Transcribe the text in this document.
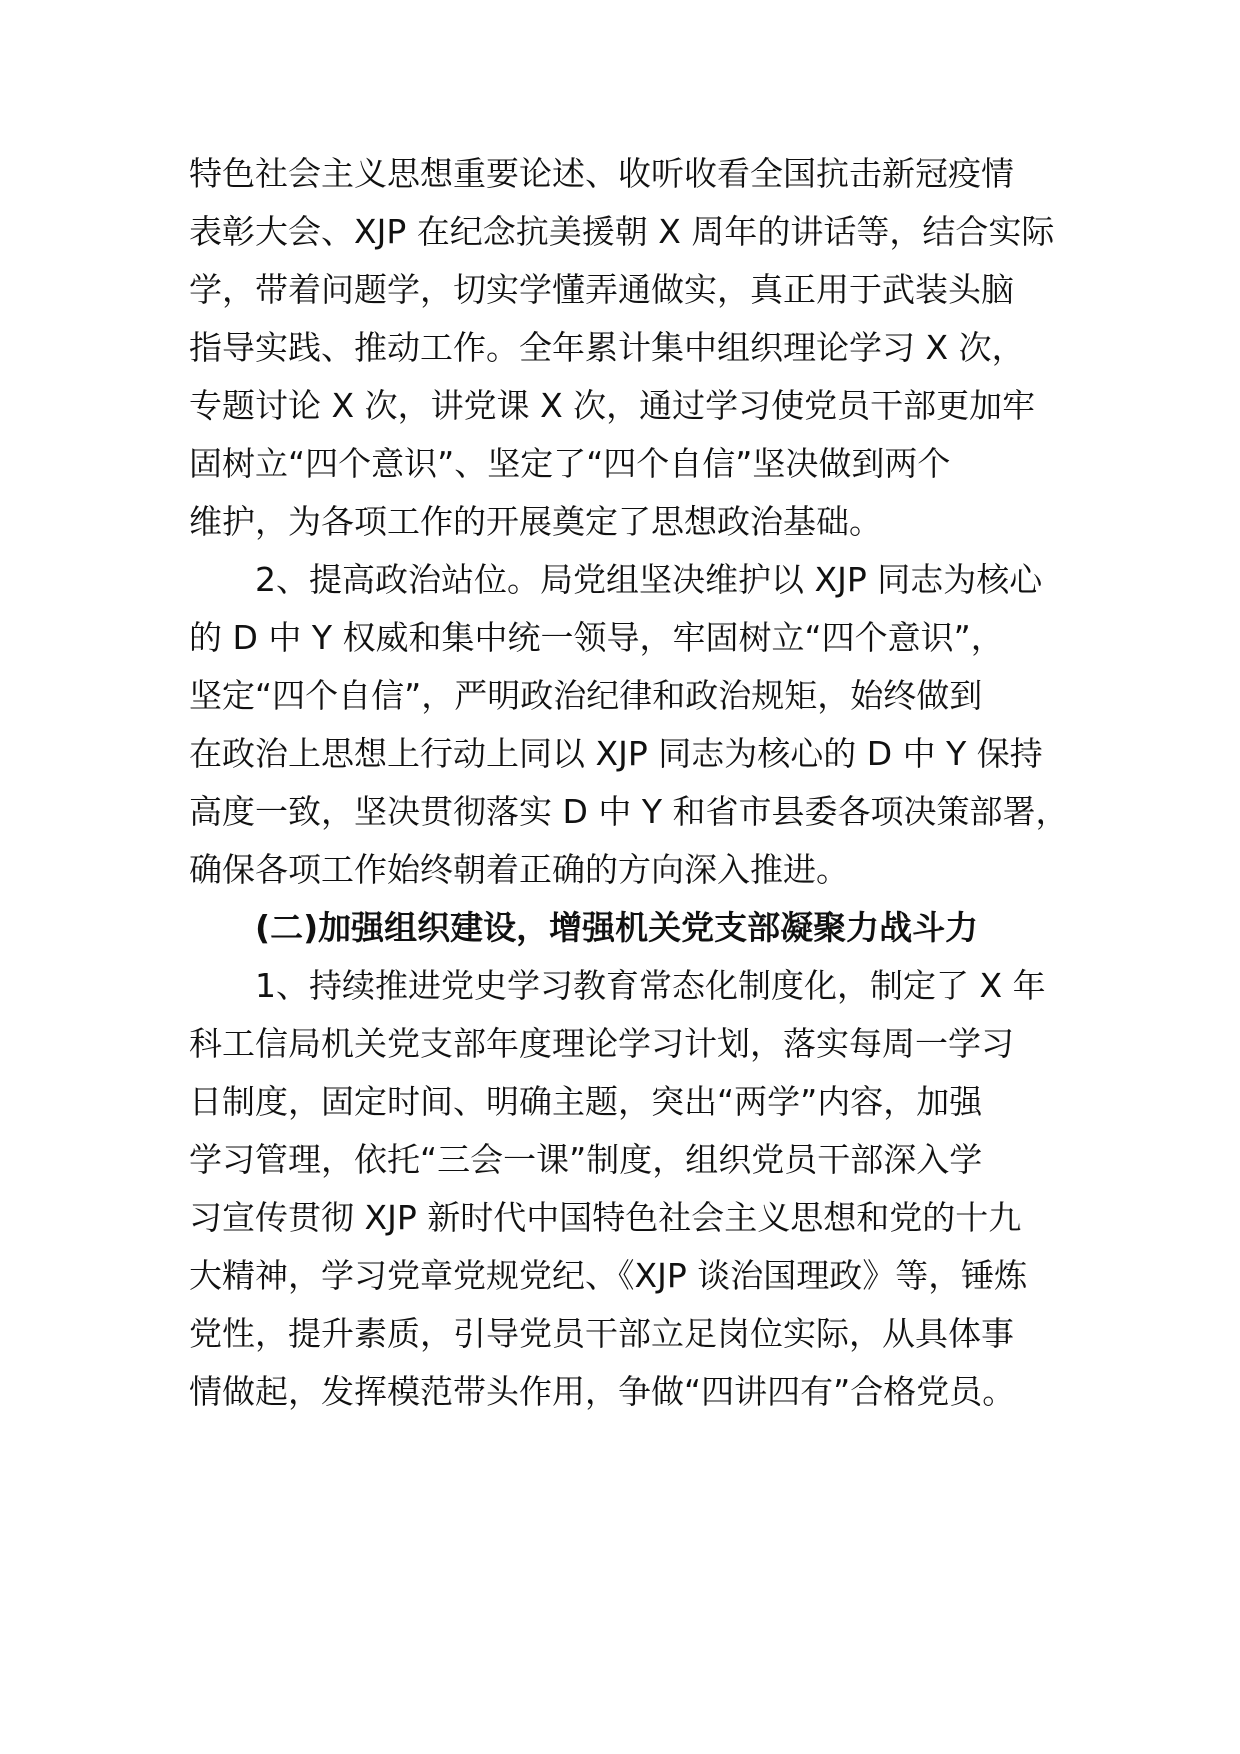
特色社会主义思想重要论述、收听收看全国抗击新冠疫情
表彰大会、XJP 在纪念抗美援朝 X 周年的讲话等，结合实际
学，带着问题学，切实学懂弄通做实，真正用于武装头脑
指导实践、推动工作。全年累计集中组织理论学习 X 次，
专题讨论 X 次，讲党课 X 次，通过学习使党员干部更加牢
固树立“四个意识”、坚定了“四个自信”坚决做到两个
维护，为各项工作的开展奠定了思想政治基础。
2、提高政治站位。局党组坚决维护以 XJP 同志为核心
的 D 中 Y 权威和集中统一领导，牢固树立“四个意识”，
坚定“四个自信”，严明政治纪律和政治规矩，始终做到
在政治上思想上行动上同以 XJP 同志为核心的 D 中 Y 保持
高度一致，坚决贯彻落实 D 中 Y 和省市县委各项决策部署，
确保各项工作始终朝着正确的方向深入推进。
(二)加强组织建设，增强机关党支部凝聚力战斗力
1、持续推进党史学习教育常态化制度化，制定了 X 年
科工信局机关党支部年度理论学习计划，落实每周一学习
日制度，固定时间、明确主题，突出“两学”内容，加强
学习管理，依托“三会一课”制度，组织党员干部深入学
习宣传贯彻 XJP 新时代中国特色社会主义思想和党的十九
大精神，学习党章党规党纪、《XJP 谈治国理政》等，锤炼
党性，提升素质，引导党员干部立足岗位实际，从具体事
情做起，发挥模范带头作用，争做“四讲四有”合格党员。
